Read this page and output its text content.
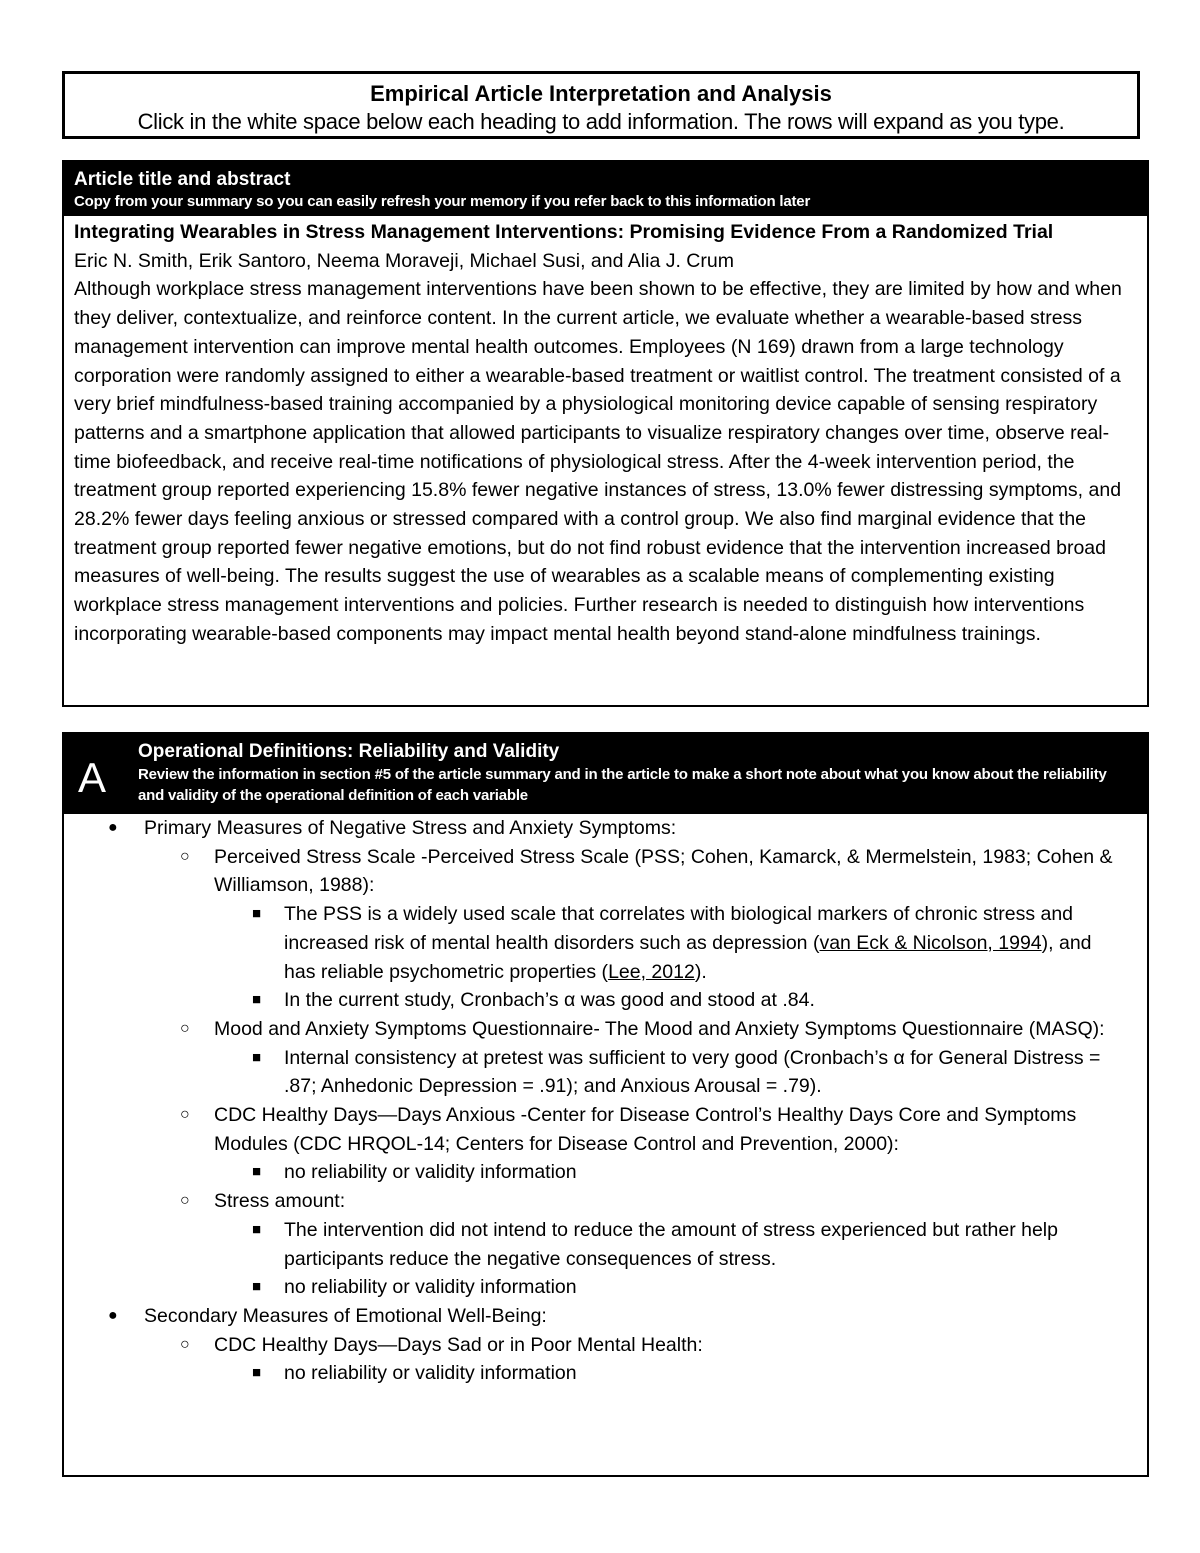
Empirical Article Interpretation and Analysis
Click in the white space below each heading to add information. The rows will expand as you type.
Article title and abstract
Copy from your summary so you can easily refresh your memory if you refer back to this information later
Integrating Wearables in Stress Management Interventions: Promising Evidence From a Randomized Trial
Eric N. Smith, Erik Santoro, Neema Moraveji, Michael Susi, and Alia J. Crum
Although workplace stress management interventions have been shown to be effective, they are limited by how and when they deliver, contextualize, and reinforce content. In the current article, we evaluate whether a wearable-based stress management intervention can improve mental health outcomes. Employees (N 169) drawn from a large technology corporation were randomly assigned to either a wearable-based treatment or waitlist control. The treatment consisted of a very brief mindfulness-based training accompanied by a physiological monitoring device capable of sensing respiratory patterns and a smartphone application that allowed participants to visualize respiratory changes over time, observe real-time biofeedback, and receive real-time notifications of physiological stress. After the 4-week intervention period, the treatment group reported experiencing 15.8% fewer negative instances of stress, 13.0% fewer distressing symptoms, and 28.2% fewer days feeling anxious or stressed compared with a control group. We also find marginal evidence that the treatment group reported fewer negative emotions, but do not find robust evidence that the intervention increased broad measures of well-being. The results suggest the use of wearables as a scalable means of complementing existing workplace stress management interventions and policies. Further research is needed to distinguish how interventions incorporating wearable-based components may impact mental health beyond stand-alone mindfulness trainings.
A
Operational Definitions: Reliability and Validity
Review the information in section #5 of the article summary and in the article to make a short note about what you know about the reliability and validity of the operational definition of each variable
● Primary Measures of Negative Stress and Anxiety Symptoms:
○ Perceived Stress Scale -Perceived Stress Scale (PSS; Cohen, Kamarck, & Mermelstein, 1983; Cohen & Williamson, 1988):
■ The PSS is a widely used scale that correlates with biological markers of chronic stress and increased risk of mental health disorders such as depression (van Eck & Nicolson, 1994), and has reliable psychometric properties (Lee, 2012).
■ In the current study, Cronbach’s α was good and stood at .84.
○ Mood and Anxiety Symptoms Questionnaire- The Mood and Anxiety Symptoms Questionnaire (MASQ):
■ Internal consistency at pretest was sufficient to very good (Cronbach’s α for General Distress = .87; Anhedonic Depression = .91); and Anxious Arousal = .79).
○ CDC Healthy Days—Days Anxious -Center for Disease Control’s Healthy Days Core and Symptoms Modules (CDC HRQOL-14; Centers for Disease Control and Prevention, 2000):
■ no reliability or validity information
○ Stress amount:
■ The intervention did not intend to reduce the amount of stress experienced but rather help participants reduce the negative consequences of stress.
■ no reliability or validity information
● Secondary Measures of Emotional Well-Being:
○ CDC Healthy Days—Days Sad or in Poor Mental Health:
■ no reliability or validity information
